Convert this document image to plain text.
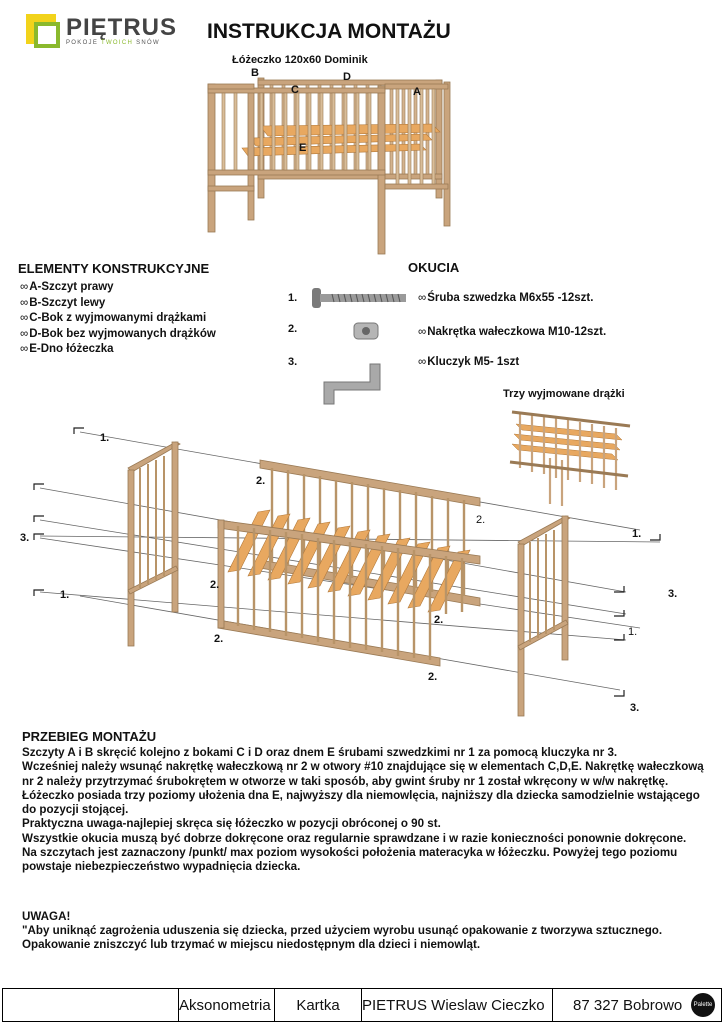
PIĘTRUS
POKOJE TWOICH SNÓW INSTRUKCJA MONTAŻU
Łóżeczko 120x60 Dominik
B	D
C	A
E
ELEMENTY KONSTRUKCYJNE
∞ A-Szczyt prawy
∞ B-Szczyt lewy
∞ C-Bok z wyjmowanymi drążkami
∞ D-Bok bez wyjmowanych drążków
∞ E-Dno łóżeczka
OKUCIA
1.
2.
3.
∞ Śruba szwedzka M6x55 -12szt.
∞ Nakrętka wałeczkowa M10-12szt.
∞ Kluczyk M5- 1szt
Trzy wyjmowane drążki
1.
1.
1.
1.
2.
2.
2.
2.
2.
2.
3.
3.
3.
PRZEBIEG MONTAŻU

Szczyty A i B skręcić kolejno z bokami C i D oraz dnem E śrubami szwedzkimi nr 1 za pomocą kluczyka nr 3.

Wcześniej należy wsunąć nakrętkę wałeczkową nr 2 w otwory #10 znajdujące się w elementach C,D,E. Nakrętkę wałeczkową nr 2 należy przytrzymać śrubokrętem w otworze w taki sposób, aby gwint śruby nr 1 został wkręcony w w/w nakrętkę.

Łóżeczko posiada trzy poziomy ułożenia dna E, najwyższy dla niemowlęcia, najniższy dla dziecka samodzielnie wstającego do pozycji stojącej.

Praktyczna uwaga-najlepiej skręca się łóżeczko w pozycji obróconej o 90 st.

Wszystkie okucia muszą być dobrze dokręcone oraz regularnie sprawdzane i w razie konieczności ponownie dokręcone.

Na szczytach jest zaznaczony /punkt/ max poziom wysokości położenia materacyka w łóżeczku. Powyżej tego poziomu powstaje niebezpieczeństwo wypadnięcia dziecka.

UWAGA!
"Aby uniknąć zagrożenia uduszenia się dziecka, przed użyciem wyrobu usunąć opakowanie z tworzywa sztucznego. Opakowanie zniszczyć lub trzymać w miejscu niedostępnym dla dzieci i niemowląt.
Aksonometria	Kartka	PIETRUS Wieslaw Cieczko	87 327 Bobrowo	Palette
